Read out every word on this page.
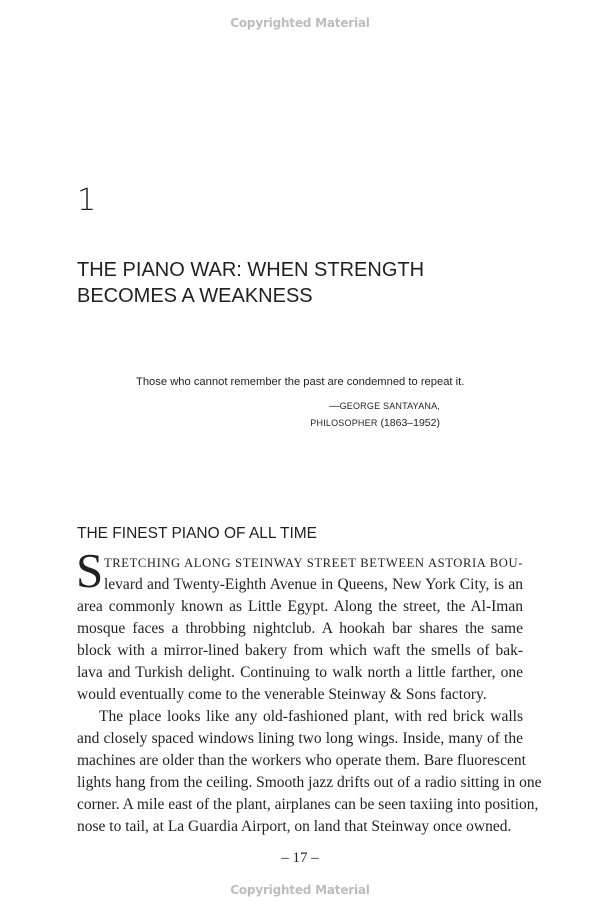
Copyrighted Material
1
THE PIANO WAR: WHEN STRENGTH
BECOMES A WEAKNESS
Those who cannot remember the past are condemned to repeat it.
—GEORGE SANTAYANA,
PHILOSOPHER (1863–1952)
THE FINEST PIANO OF ALL TIME
S TRETCHING ALONG STEINWAY STREET BETWEEN ASTORIA BOU-
levard and Twenty-Eighth Avenue in Queens, New York City, is an
area commonly known as Little Egypt. Along the street, the Al-Iman
mosque faces a throbbing nightclub. A hookah bar shares the same
block with a mirror-lined bakery from which waft the smells of bak-
lava and Turkish delight. Continuing to walk north a little farther, one
would eventually come to the venerable Steinway & Sons factory.
The place looks like any old-fashioned plant, with red brick walls
and closely spaced windows lining two long wings. Inside, many of the
machines are older than the workers who operate them. Bare fluorescent
lights hang from the ceiling. Smooth jazz drifts out of a radio sitting in one
corner. A mile east of the plant, airplanes can be seen taxiing into position,
nose to tail, at La Guardia Airport, on land that Steinway once owned.
– 17 –
Copyrighted Material
